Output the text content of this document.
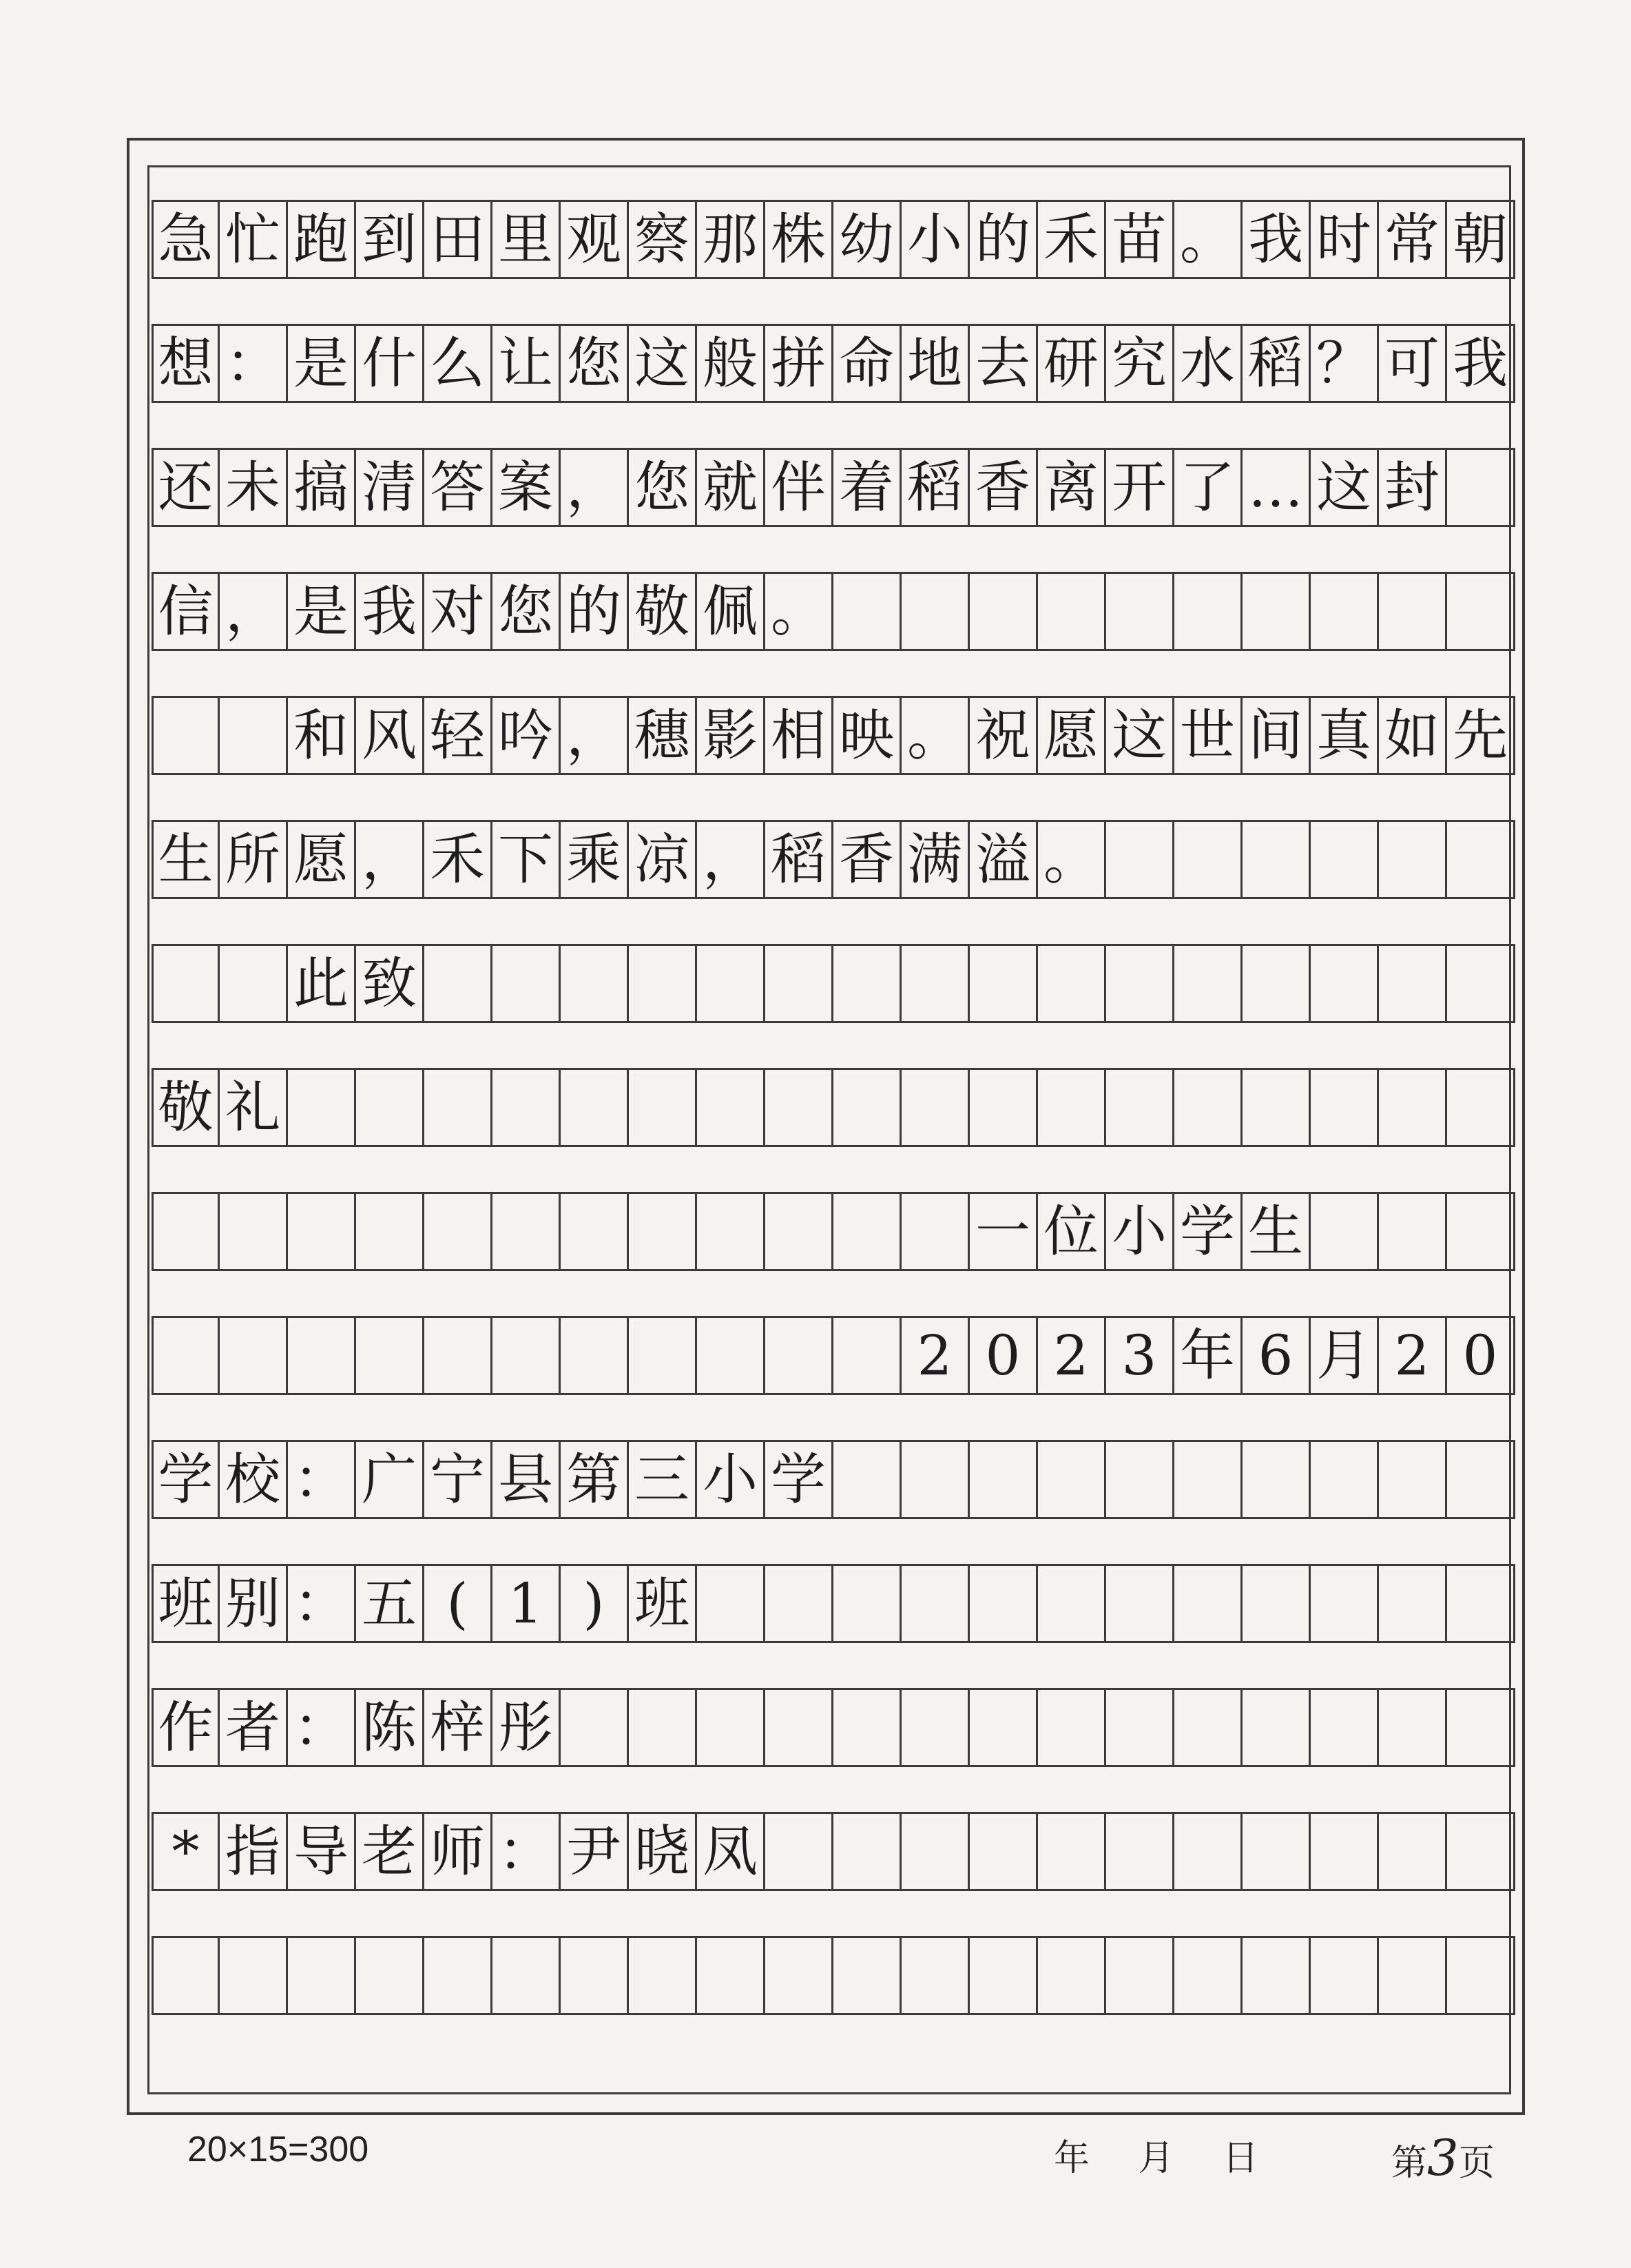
急 忙 跑 到 田 里 观 察 那 株 幼 小 的 禾 苗 。 我 时 常 朝
想 ： 是 什 么 让 您 这 般 拼 命 地 去 研 究 水 稻 ？ 可 我
还 未 搞 清 答 案 ， 您 就 伴 着 稻 香 离 开 了 … 这 封
信 ， 是 我 对 您 的 敬 佩 。
和 风 轻 吟 ， 穗 影 相 映 。 祝 愿 这 世 间 真 如 先
生 所 愿 ， 禾 下 乘 凉 ， 稻 香 满 溢 。
此 致
敬 礼
一 位 小 学 生
2 0 2 3 年 6 月 2 0
学 校 ： 广 宁 县 第 三 小 学
班 别 ： 五 ( 1 ) 班
作 者 ： 陈 梓 彤
* 指 导 老 师 ： 尹 晓 凤
20×15=300	年 月 日	第3页
